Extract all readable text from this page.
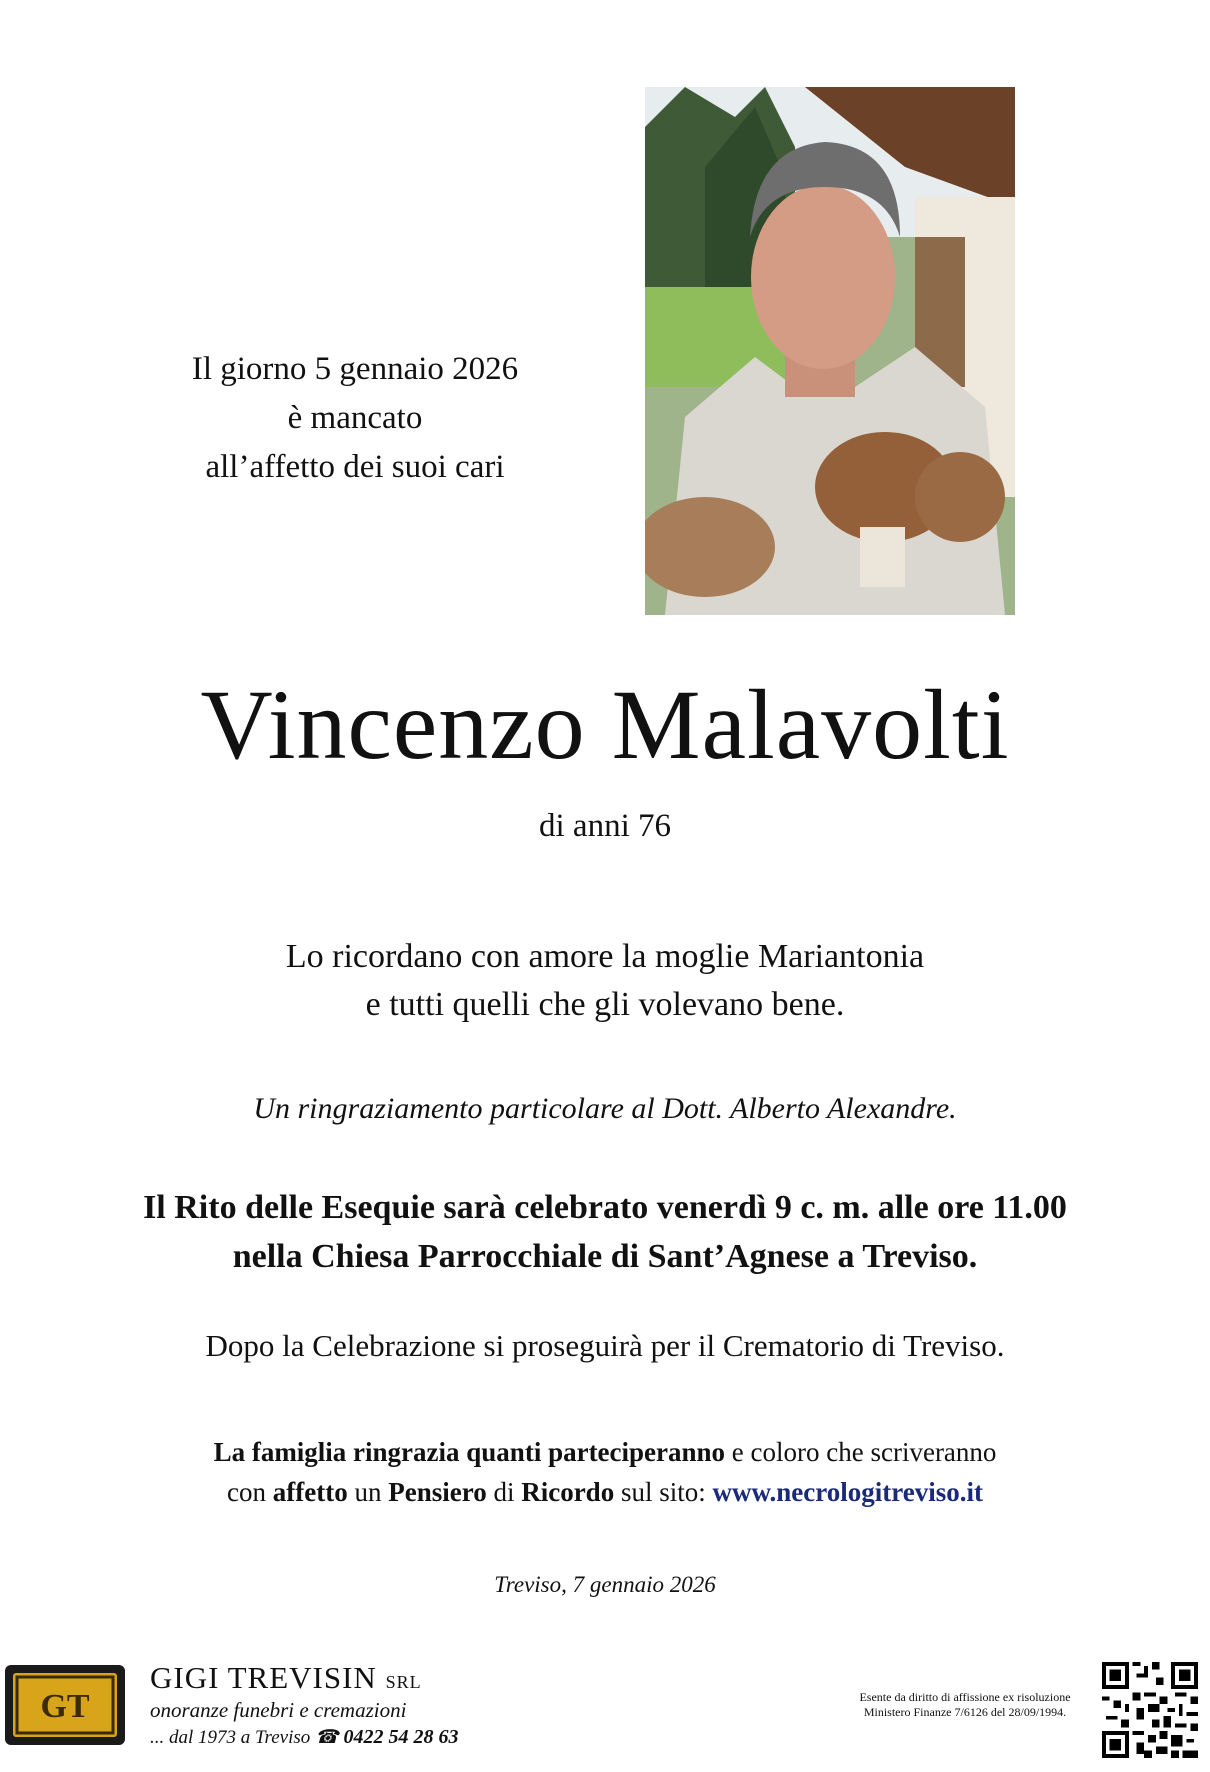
Il giorno 5 gennaio 2026
è mancato
all’affetto dei suoi cari
Vincenzo Malavolti
di anni 76
Lo ricordano con amore la moglie Mariantonia
e tutti quelli che gli volevano bene.
Un ringraziamento particolare al Dott. Alberto Alexandre.
Il Rito delle Esequie sarà celebrato venerdì 9 c. m. alle ore 11.00
nella Chiesa Parrocchiale di Sant’Agnese a Treviso.
Dopo la Celebrazione si proseguirà per il Crematorio di Treviso.
La famiglia ringrazia quanti parteciperanno e coloro che scriveranno
con affetto un Pensiero di Ricordo sul sito: www.necrologitreviso.it
Treviso, 7 gennaio 2026
GT
GIGI TREVISIN SRL
onoranze funebri e cremazioni
... dal 1973 a Treviso ☎ 0422 54 28 63
Esente da diritto di affissione ex risoluzione
Ministero Finanze 7/6126 del 28/09/1994.
